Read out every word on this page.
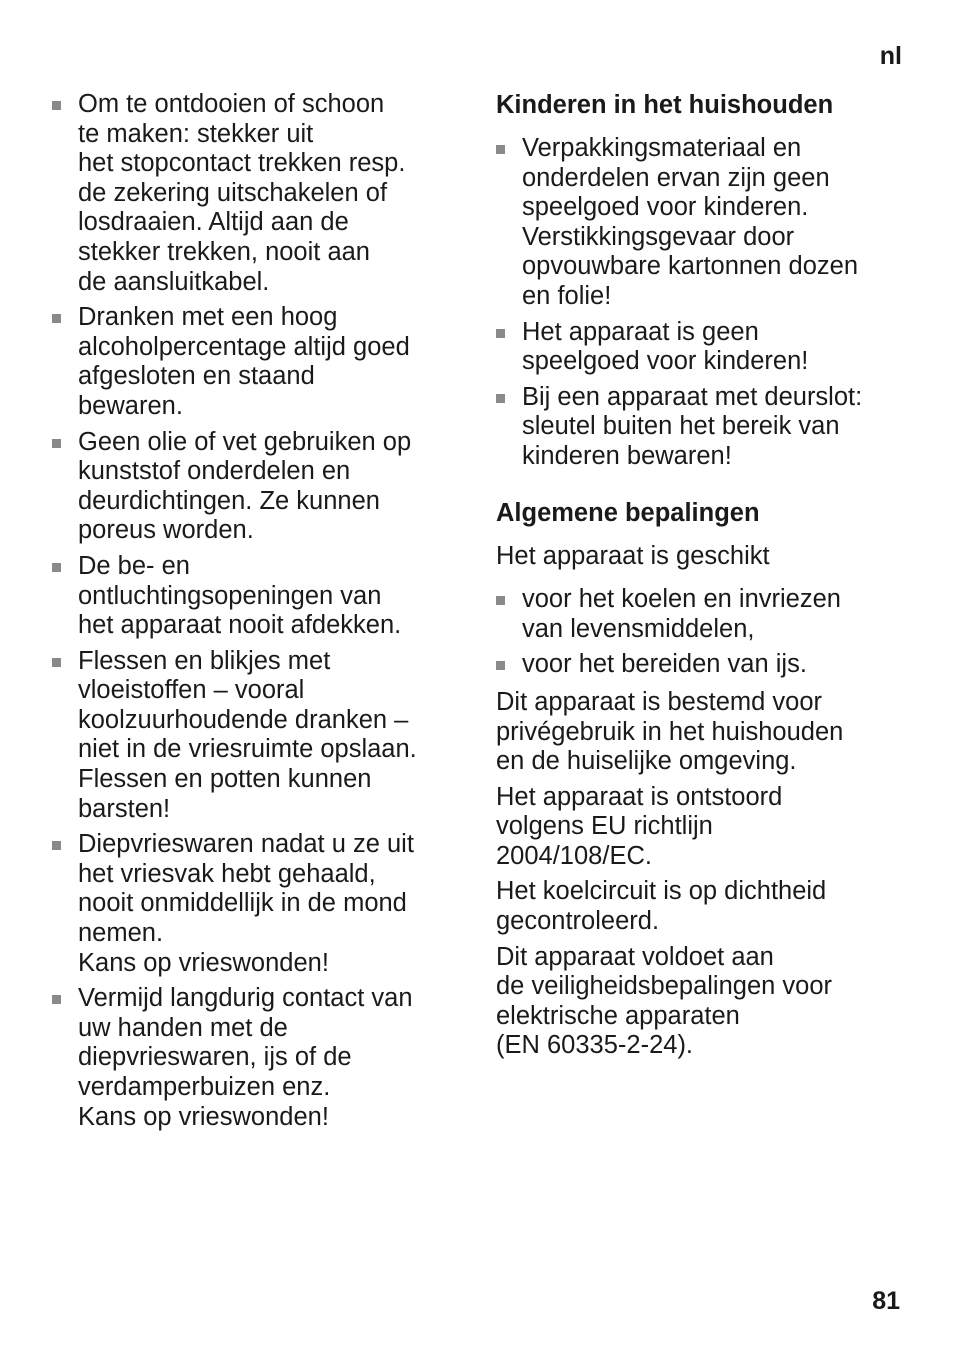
nl
Om te ontdooien of schoon
te maken: stekker uit
het stopcontact trekken resp.
de zekering uitschakelen of
losdraaien. Altijd aan de
stekker trekken, nooit aan
de aansluitkabel.
Dranken met een hoog
alcoholpercentage altijd goed
afgesloten en staand
bewaren.
Geen olie of vet gebruiken op
kunststof onderdelen en
deurdichtingen. Ze kunnen
poreus worden.
De be- en
ontluchtingsopeningen van
het apparaat nooit afdekken.
Flessen en blikjes met
vloeistoffen – vooral
koolzuurhoudende dranken –
niet in de vriesruimte opslaan.
Flessen en potten kunnen
barsten!
Diepvrieswaren nadat u ze uit
het vriesvak hebt gehaald,
nooit onmiddellijk in de mond
nemen.
Kans op vrieswonden!
Vermijd langdurig contact van
uw handen met de
diepvrieswaren, ijs of de
verdamperbuizen enz.
Kans op vrieswonden!
Kinderen in het huishouden
Verpakkingsmateriaal en
onderdelen ervan zijn geen
speelgoed voor kinderen.
Verstikkingsgevaar door
opvouwbare kartonnen dozen
en folie!
Het apparaat is geen
speelgoed voor kinderen!
Bij een apparaat met deurslot:
sleutel buiten het bereik van
kinderen bewaren!
Algemene bepalingen

Het apparaat is geschikt

voor het koelen en invriezen
van levensmiddelen,
voor het bereiden van ijs.

Dit apparaat is bestemd voor
privégebruik in het huishouden
en de huiselijke omgeving.

Het apparaat is ontstoord
volgens EU richtlijn
2004/108/EC.

Het koelcircuit is op dichtheid
gecontroleerd.

Dit apparaat voldoet aan
de veiligheidsbepalingen voor
elektrische apparaten
(EN 60335-2-24).

81
